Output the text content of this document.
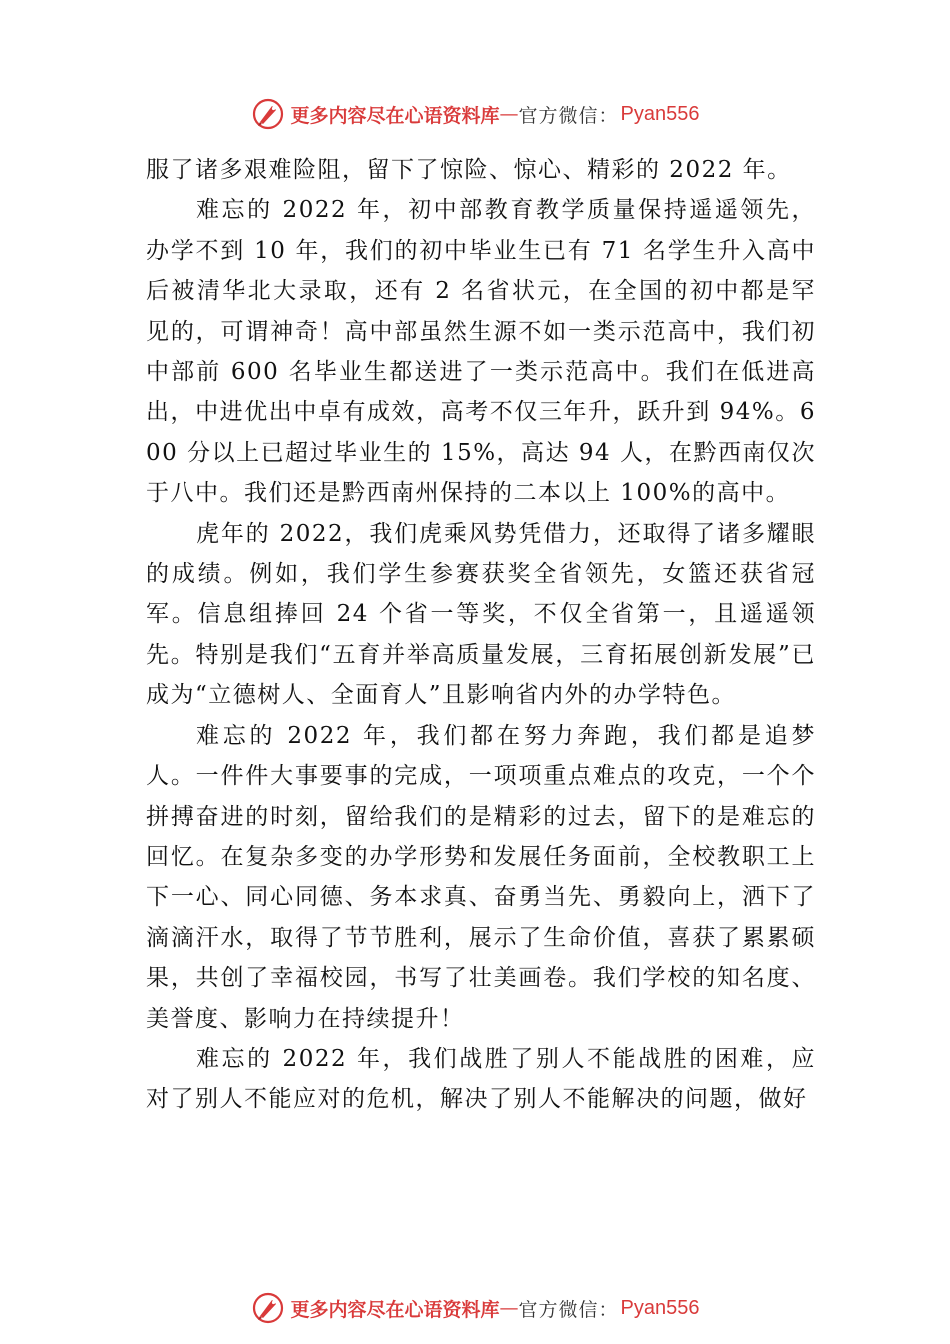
更多内容尽在心语资料库 — 官方微信： Pyan556

服了诸多艰难险阻，留下了惊险、惊心、精彩的 2022 年。

难忘的 2022 年，初中部教育教学质量保持遥遥领先，办学不到 10 年，我们的初中毕业生已有 71 名学生升入高中后被清华北大录取，还有 2 名省状元，在全国的初中都是罕见的，可谓神奇！高中部虽然生源不如一类示范高中，我们初中部前 600 名毕业生都送进了一类示范高中。我们在低进高出，中进优出中卓有成效，高考不仅三年升，跃升到 94%。600 分以上已超过毕业生的 15%，高达 94 人，在黔西南仅次于八中。我们还是黔西南州保持的二本以上 100%的高中。

虎年的 2022，我们虎乘风势凭借力，还取得了诸多耀眼的成绩。例如，我们学生参赛获奖全省领先，女篮还获省冠军。信息组捧回 24 个省一等奖，不仅全省第一，且遥遥领先。特别是我们“五育并举高质量发展，三育拓展创新发展”已成为“立德树人、全面育人”且影响省内外的办学特色。

难忘的 2022 年，我们都在努力奔跑，我们都是追梦人。一件件大事要事的完成，一项项重点难点的攻克，一个个拼搏奋进的时刻，留给我们的是精彩的过去，留下的是难忘的回忆。在复杂多变的办学形势和发展任务面前，全校教职工上下一心、同心同德、务本求真、奋勇当先、勇毅向上，洒下了滴滴汗水，取得了节节胜利，展示了生命价值，喜获了累累硕果，共创了幸福校园，书写了壮美画卷。我们学校的知名度、美誉度、影响力在持续提升！

难忘的 2022 年，我们战胜了别人不能战胜的困难，应对了别人不能应对的危机，解决了别人不能解决的问题，做好

更多内容尽在心语资料库 — 官方微信： Pyan556
